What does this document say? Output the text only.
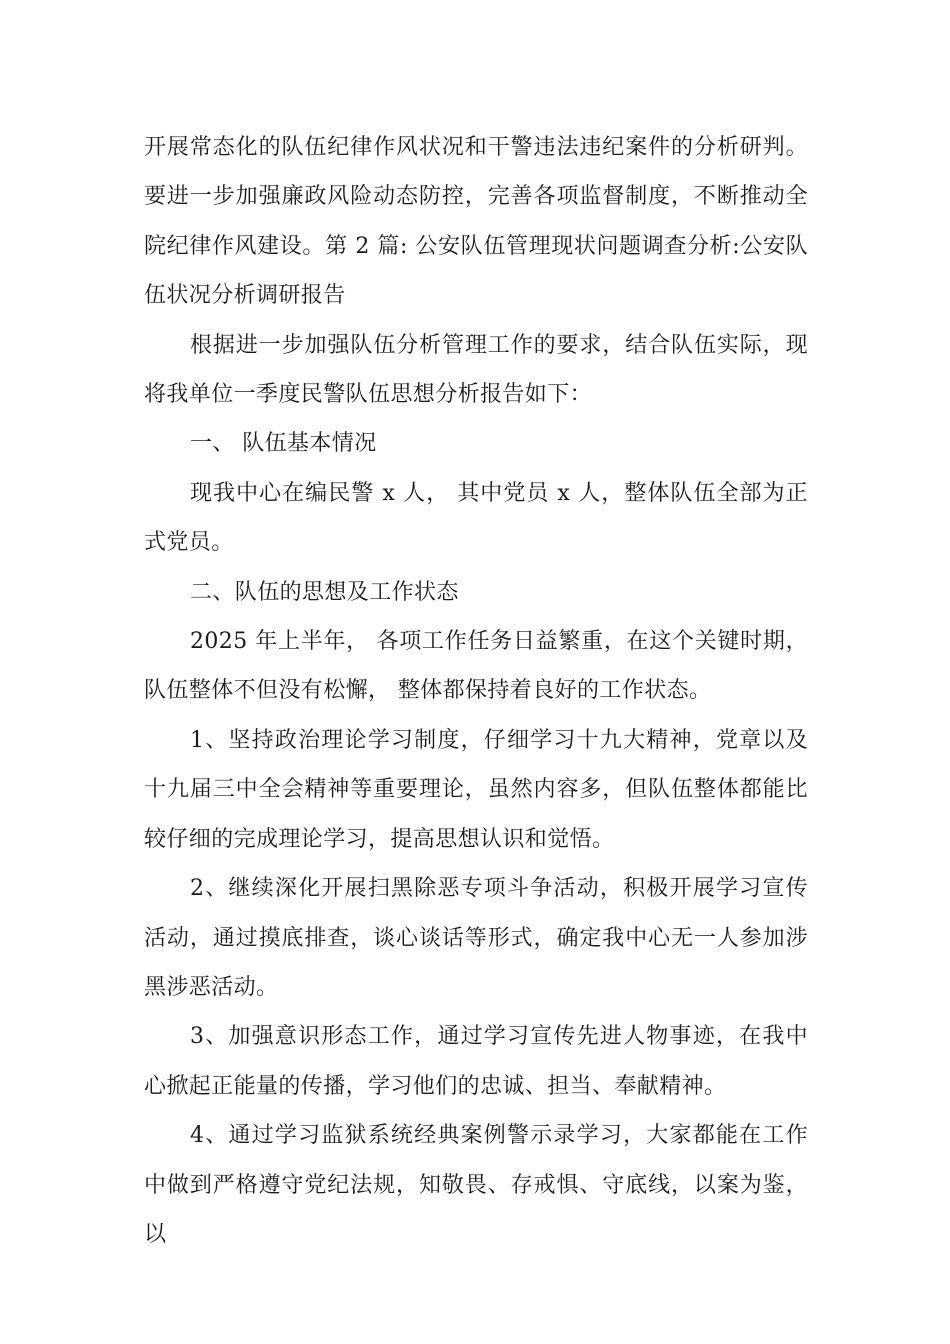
开展常态化的队伍纪律作风状况和干警违法违纪案件的分析研判。要进一步加强廉政风险动态防控，完善各项监督制度，不断推动全院纪律作风建设。第 2 篇: 公安队伍管理现状问题调查分析:公安队伍状况分析调研报告

根据进一步加强队伍分析管理工作的要求，结合队伍实际，现将我单位一季度民警队伍思想分析报告如下：

一、 队伍基本情况

现我中心在编民警 x 人， 其中党员 x 人，整体队伍全部为正式党员。

二、队伍的思想及工作状态

2025 年上半年， 各项工作任务日益繁重，在这个关键时期，队伍整体不但没有松懈， 整体都保持着良好的工作状态。

1、坚持政治理论学习制度，仔细学习十九大精神，党章以及十九届三中全会精神等重要理论，虽然内容多，但队伍整体都能比较仔细的完成理论学习，提高思想认识和觉悟。

2、继续深化开展扫黑除恶专项斗争活动，积极开展学习宣传活动，通过摸底排查，谈心谈话等形式，确定我中心无一人参加涉黑涉恶活动。

3、加强意识形态工作，通过学习宣传先进人物事迹，在我中心掀起正能量的传播，学习他们的忠诚、担当、奉献精神。

4、通过学习监狱系统经典案例警示录学习，大家都能在工作中做到严格遵守党纪法规，知敬畏、存戒惧、守底线，以案为鉴，以
